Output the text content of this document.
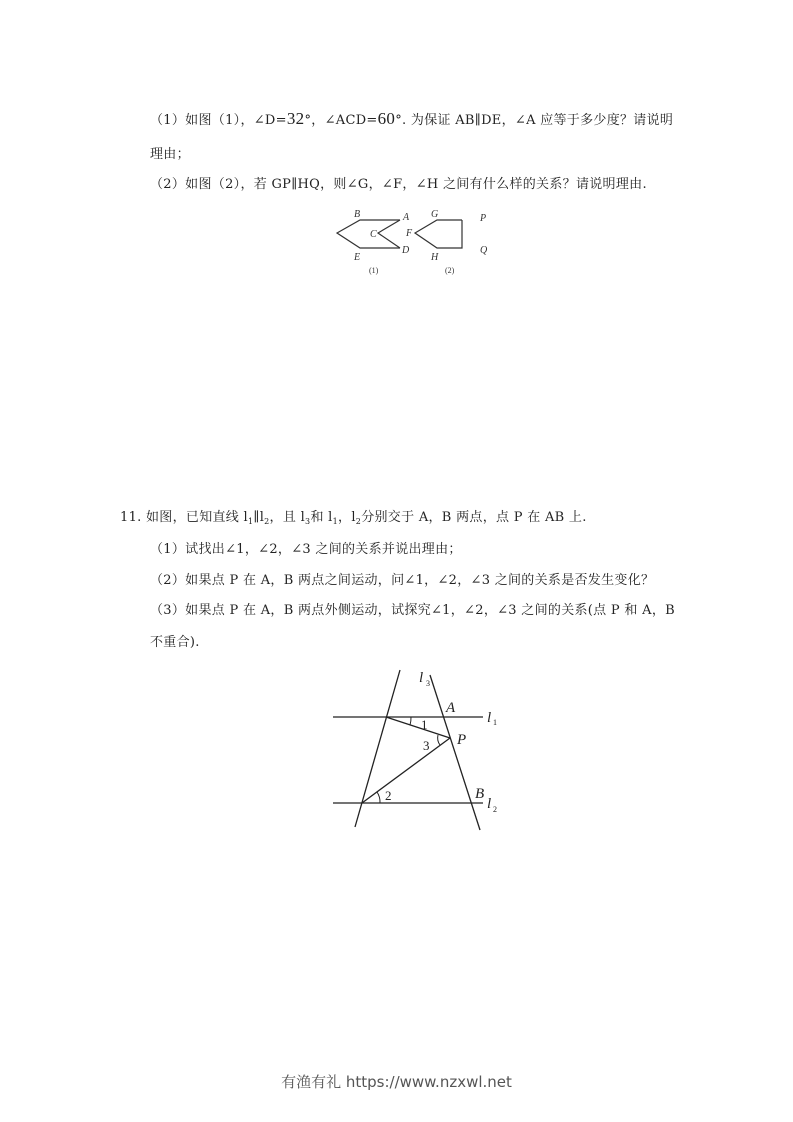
（1）如图（1），∠D=32°，∠ACD=60°. 为保证 AB∥DE，∠A 应等于多少度？请说明
理由；
（2）如图（2），若 GP∥HQ，则∠G，∠F，∠H 之间有什么样的关系？请说明理由.
B	A
C	F
E
D
G	P
H
Q
(1)	(2)
11. 如图，已知直线 $l_1\parallel l_2$，且 $l_3$和 $l_1$，$l_2$分别交于 A，B 两点，点 P 在 AB 上.
（1）试找出∠1，∠2，∠3 之间的关系并说出理由；
（2）如果点 P 在 A，B 两点之间运动，问∠1，∠2，∠3 之间的关系是否发生变化？
（3）如果点 P 在 A，B 两点外侧运动，试探究∠1，∠2，∠3 之间的关系(点 P 和 A，B
不重合).
l 3
A
l 1
P
B
l 2
1
2
3
有渔有礼 https://www.nzxwl.net
